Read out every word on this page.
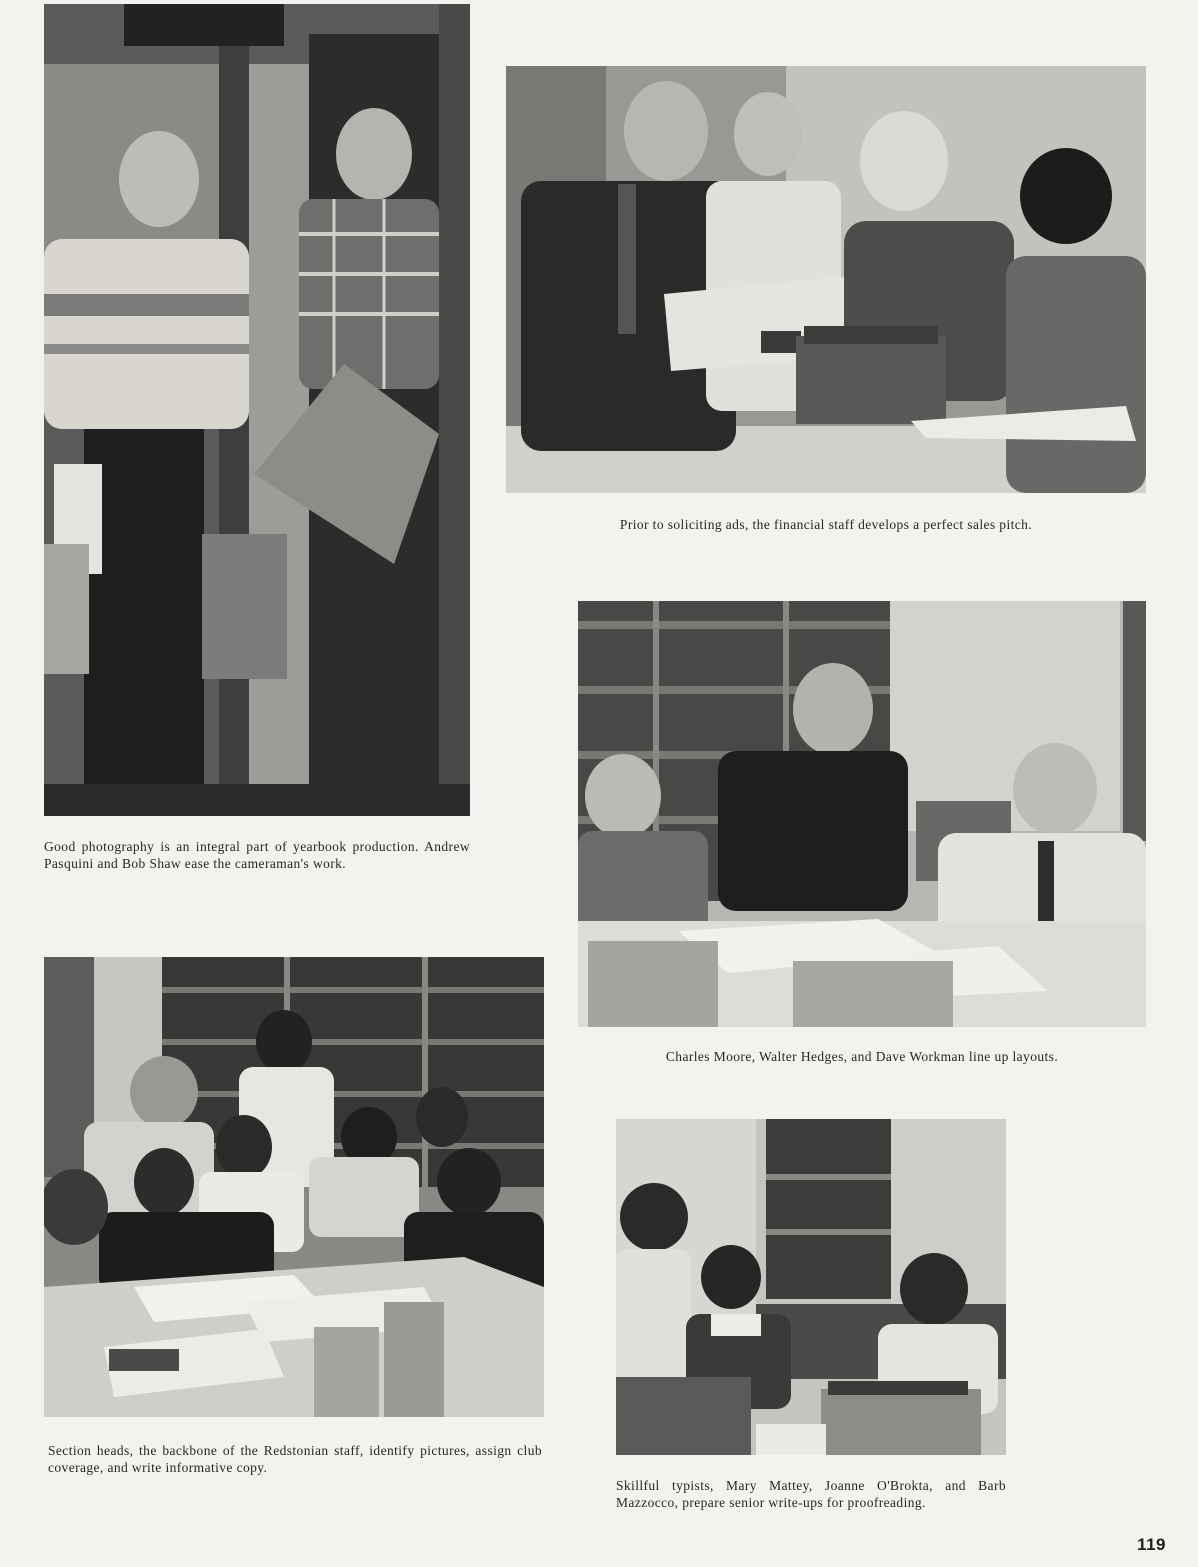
Good photography is an integral part of yearbook production. Andrew Pasquini and Bob Shaw ease the cameraman's work.

Prior to soliciting ads, the financial staff develops a perfect sales pitch.

Charles Moore, Walter Hedges, and Dave Workman line up layouts.

Section heads, the backbone of the Redstonian staff, identify pictures, assign club coverage, and write informative copy.

Skillful typists, Mary Mattey, Joanne O'Brokta, and Barb Mazzocco, prepare senior write-ups for proofreading.

119
